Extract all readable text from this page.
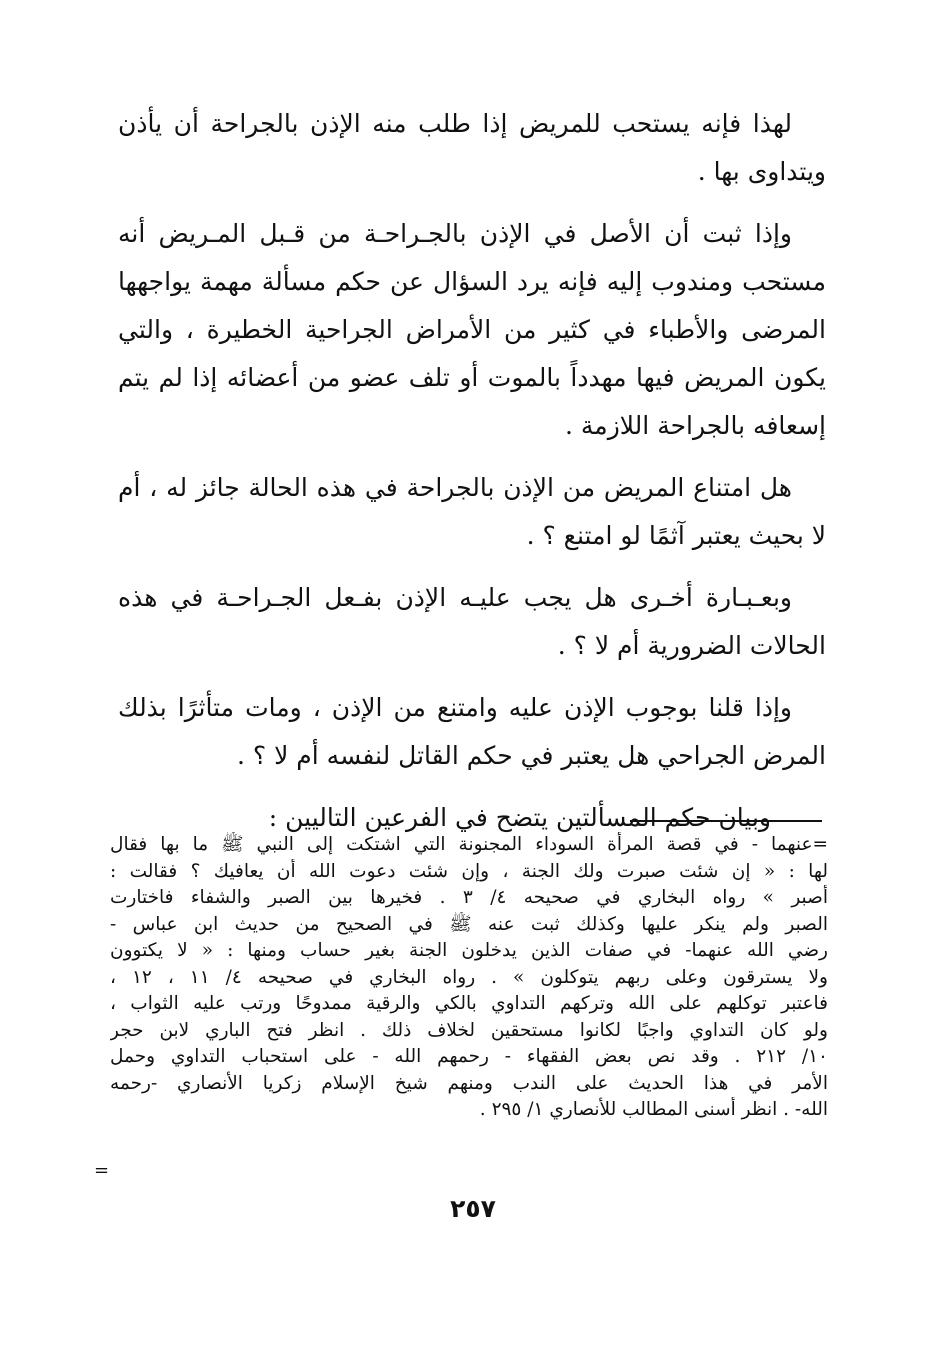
لهذا فإنه يستحب للمريض إذا طلب منه الإذن بالجراحة أن يأذن ويتداوى بها .

وإذا ثبت أن الأصل في الإذن بالجـراحـة من قـبل المـريض أنه مستحب ومندوب إليه فإنه يرد السؤال عن حكم مسألة مهمة يواجهها المرضى والأطباء في كثير من الأمراض الجراحية الخطيرة ، والتي يكون المريض فيها مهدداً بالموت أو تلف عضو من أعضائه إذا لم يتم إسعافه بالجراحة اللازمة .

هل امتناع المريض من الإذن بالجراحة في هذه الحالة جائز له ، أم لا بحيث يعتبر آثمًا لو امتنع ؟ .

وبعـبـارة أخـرى هل يجب عليـه الإذن بفـعل الجـراحـة في هذه الحالات الضرورية أم لا ؟ .

وإذا قلنا بوجوب الإذن عليه وامتنع من الإذن ، ومات متأثرًا بذلك المرض الجراحي هل يعتبر في حكم القاتل لنفسه أم لا ؟ .

وبيان حكم المسألتين يتضح في الفرعين التاليين :

=عنهما - في قصة المرأة السوداء المجنونة التي اشتكت إلى النبي ﷺ ما بها فقال

لها : « إن شئت صبرت ولك الجنة ، وإن شئت دعوت الله أن يعافيك ؟ فقالت :

أصبر » رواه البخاري في صحيحه ٤/ ٣ . فخيرها بين الصبر والشفاء فاختارت

الصبر ولم ينكر عليها وكذلك ثبت عنه ﷺ في الصحيح من حديث ابن عباس -

رضي الله عنهما- في صفات الذين يدخلون الجنة بغير حساب ومنها : « لا يكتوون

ولا يسترقون وعلى ربهم يتوكلون » . رواه البخاري في صحيحه ٤/ ١١ ، ١٢ ،

فاعتبر توكلهم على الله وتركهم التداوي بالكي والرقية ممدوحًا ورتب عليه الثواب ،

ولو كان التداوي واجبًا لكانوا مستحقين لخلاف ذلك . انظر فتح الباري لابن حجر

١٠/ ٢١٢ . وقد نص بعض الفقهاء - رحمهم الله - على استحباب التداوي وحمل

الأمر في هذا الحديث على الندب ومنهم شيخ الإسلام زكريا الأنصاري -رحمه

الله- . انظر أسنى المطالب للأنصاري ١/ ٢٩٥ .

=
٢٥٧
